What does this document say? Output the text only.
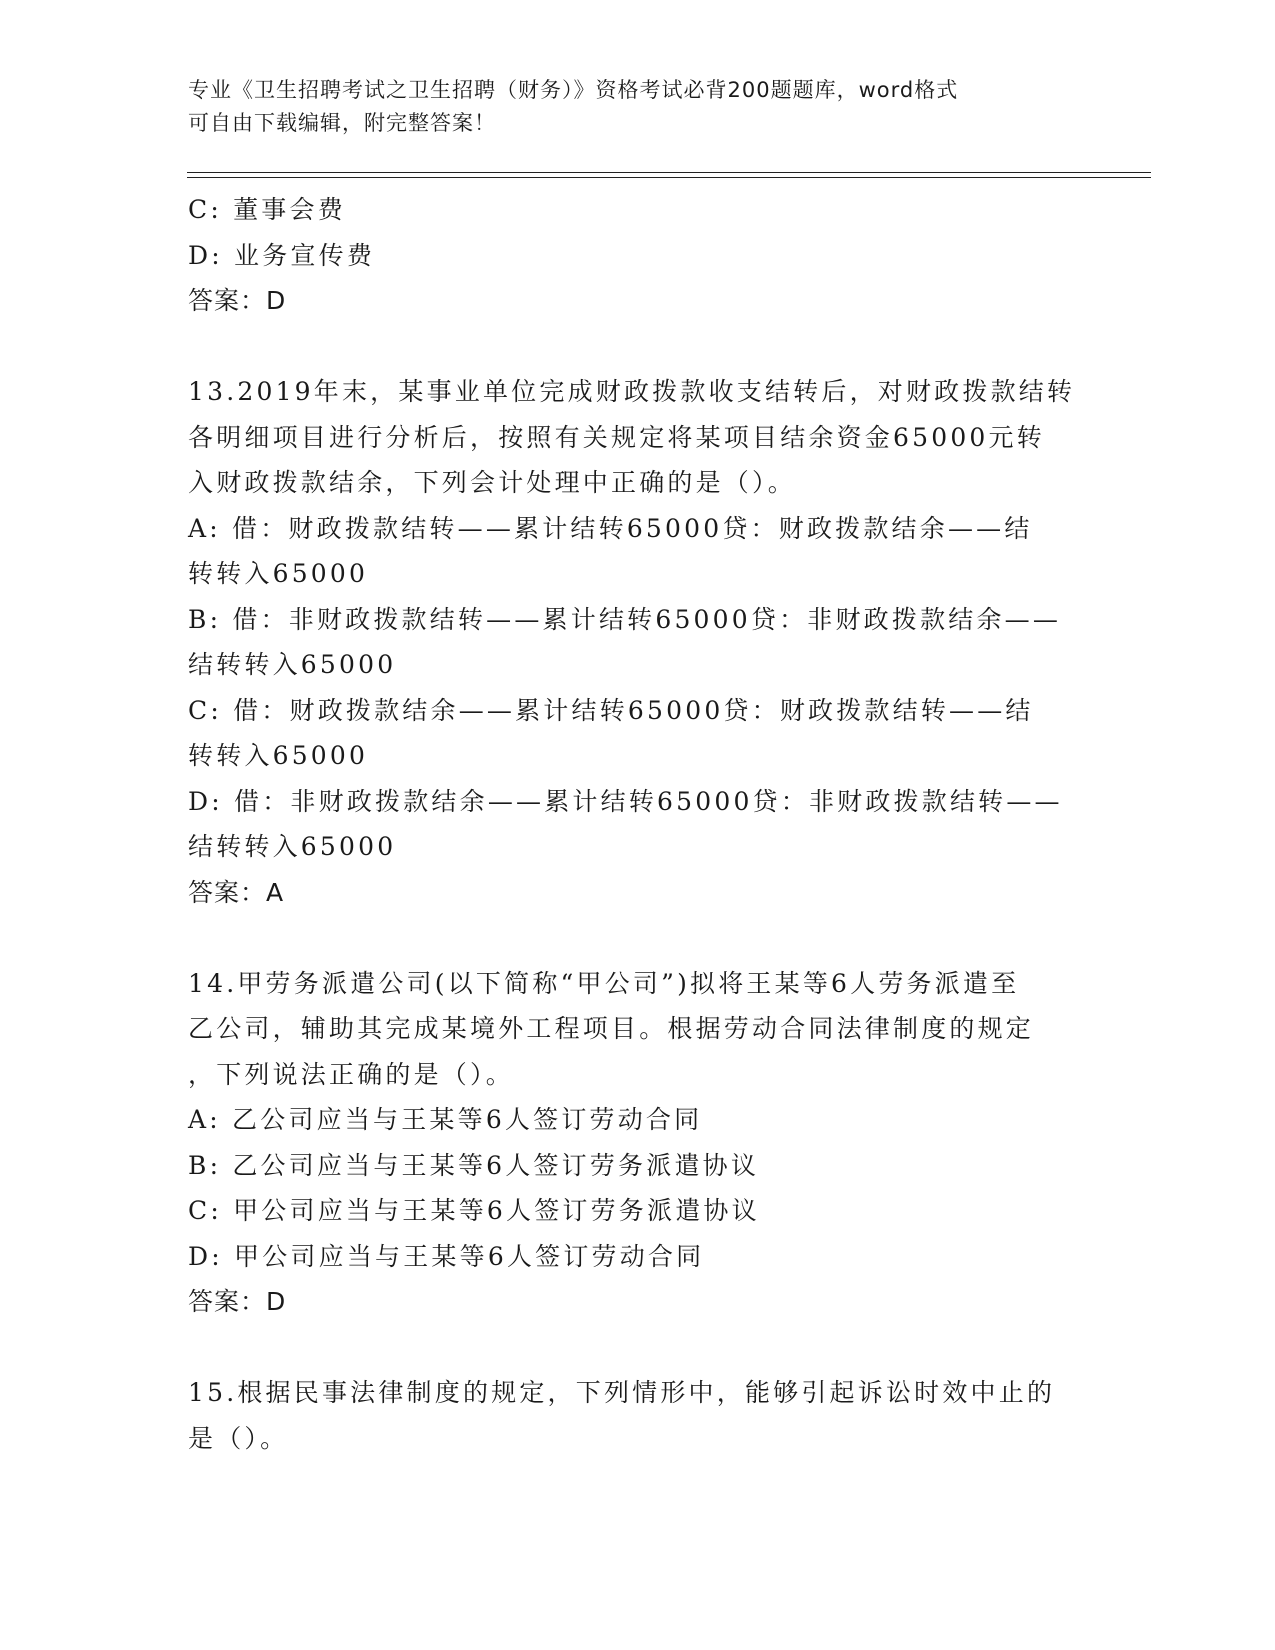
专业《卫生招聘考试之卫生招聘（财务）》资格考试必背200题题库，word格式
可自由下载编辑，附完整答案！
C: 董事会费
D: 业务宣传费
答案：D
13.2019年末，某事业单位完成财政拨款收支结转后，对财政拨款结转
各明细项目进行分析后，按照有关规定将某项目结余资金65000元转
入财政拨款结余，下列会计处理中正确的是（）。
A: 借：财政拨款结转——累计结转65000贷：财政拨款结余——结
转转入65000
B: 借：非财政拨款结转——累计结转65000贷：非财政拨款结余——
结转转入65000
C: 借：财政拨款结余——累计结转65000贷：财政拨款结转——结
转转入65000
D: 借：非财政拨款结余——累计结转65000贷：非财政拨款结转——
结转转入65000
答案：A
14.甲劳务派遣公司(以下简称“甲公司”)拟将王某等6人劳务派遣至
乙公司，辅助其完成某境外工程项目。根据劳动合同法律制度的规定
，下列说法正确的是（）。
A: 乙公司应当与王某等6人签订劳动合同
B: 乙公司应当与王某等6人签订劳务派遣协议
C: 甲公司应当与王某等6人签订劳务派遣协议
D: 甲公司应当与王某等6人签订劳动合同
答案：D
15.根据民事法律制度的规定，下列情形中，能够引起诉讼时效中止的
是（）。
